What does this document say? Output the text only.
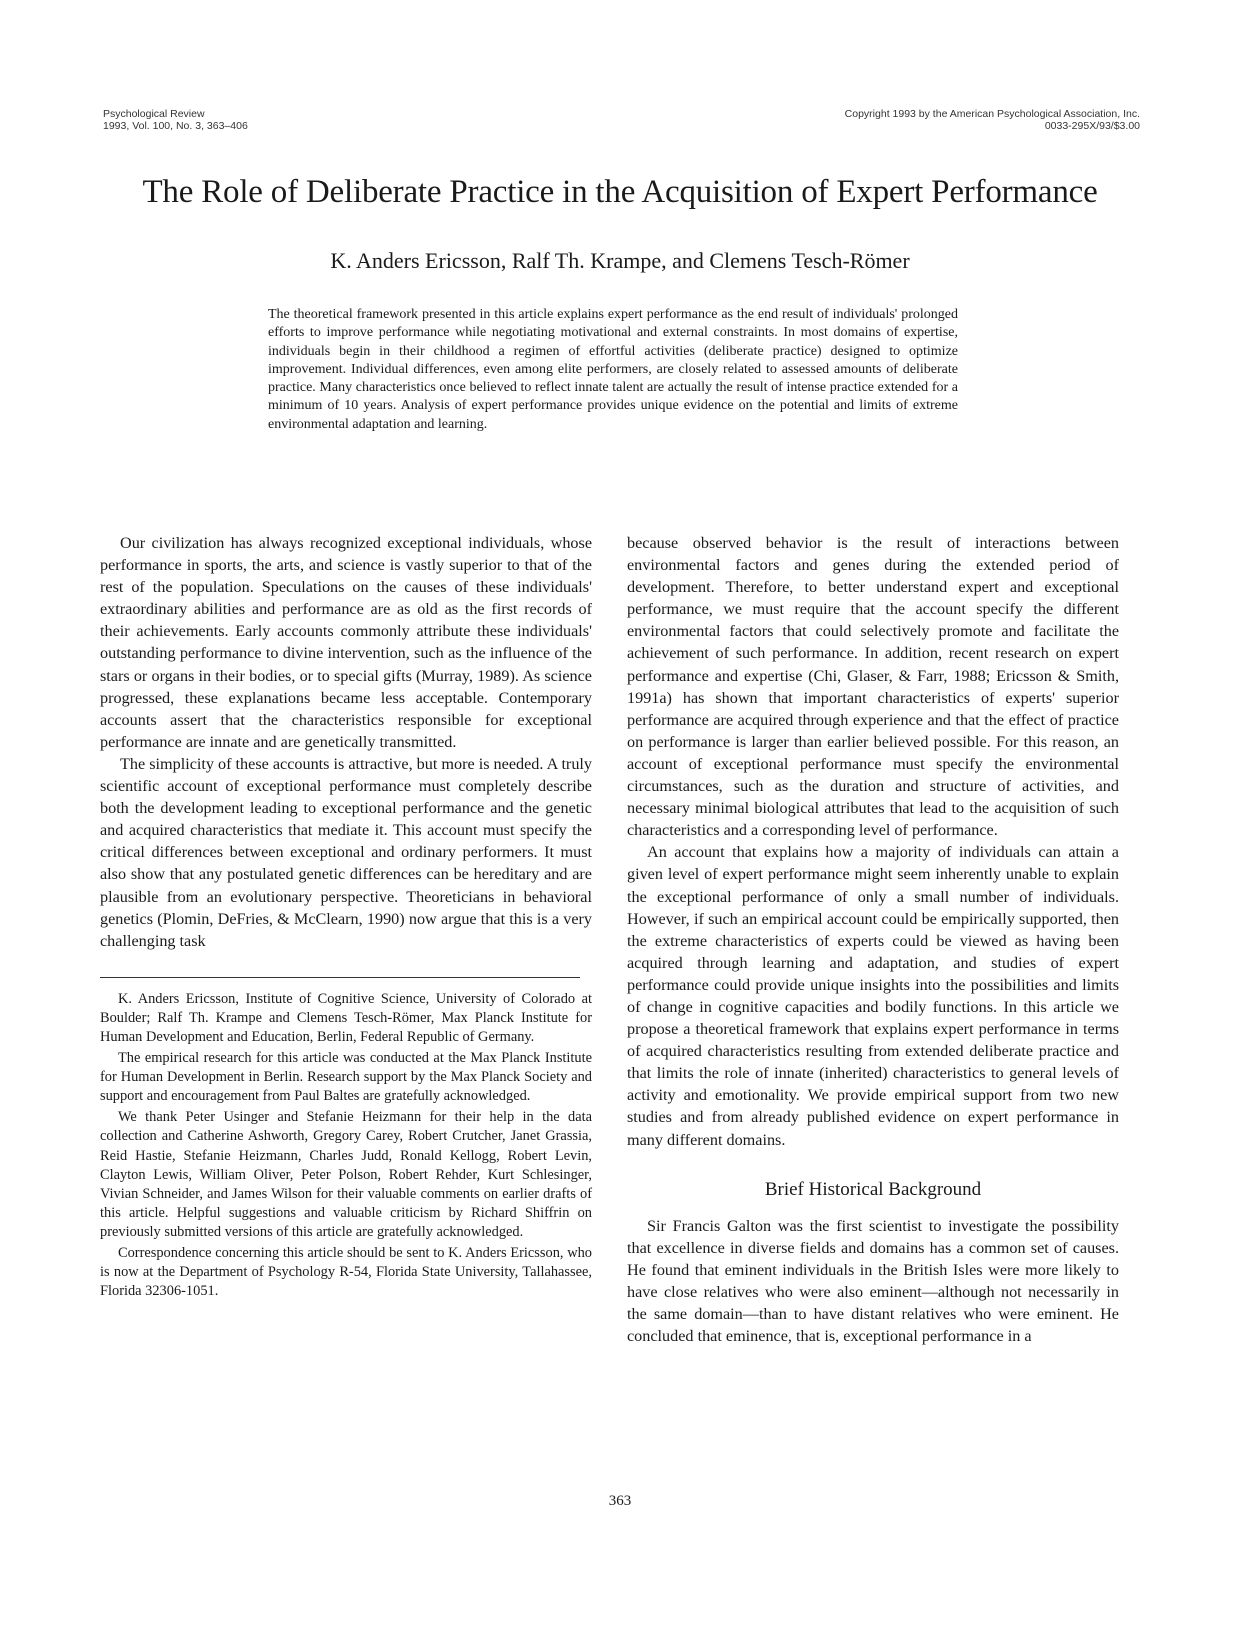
Psychological Review
1993, Vol. 100, No. 3, 363–406
Copyright 1993 by the American Psychological Association, Inc.
0033-295X/93/$3.00
The Role of Deliberate Practice in the Acquisition of Expert Performance
K. Anders Ericsson, Ralf Th. Krampe, and Clemens Tesch-Römer

The theoretical framework presented in this article explains expert performance as the end result of individuals' prolonged efforts to improve performance while negotiating motivational and external constraints. In most domains of expertise, individuals begin in their childhood a regimen of effortful activities (deliberate practice) designed to optimize improvement. Individual differences, even among elite performers, are closely related to assessed amounts of deliberate practice. Many characteristics once believed to reflect innate talent are actually the result of intense practice extended for a minimum of 10 years. Analysis of expert performance provides unique evidence on the potential and limits of extreme environmental adaptation and learning.

Our civilization has always recognized exceptional individuals, whose performance in sports, the arts, and science is vastly superior to that of the rest of the population. Speculations on the causes of these individuals' extraordinary abilities and performance are as old as the first records of their achievements. Early accounts commonly attribute these individuals' outstanding performance to divine intervention, such as the influence of the stars or organs in their bodies, or to special gifts (Murray, 1989). As science progressed, these explanations became less acceptable. Contemporary accounts assert that the characteristics responsible for exceptional performance are innate and are genetically transmitted.

The simplicity of these accounts is attractive, but more is needed. A truly scientific account of exceptional performance must completely describe both the development leading to exceptional performance and the genetic and acquired characteristics that mediate it. This account must specify the critical differences between exceptional and ordinary performers. It must also show that any postulated genetic differences can be hereditary and are plausible from an evolutionary perspective. Theoreticians in behavioral genetics (Plomin, DeFries, & McClearn, 1990) now argue that this is a very challenging task

K. Anders Ericsson, Institute of Cognitive Science, University of Colorado at Boulder; Ralf Th. Krampe and Clemens Tesch-Römer, Max Planck Institute for Human Development and Education, Berlin, Federal Republic of Germany.

The empirical research for this article was conducted at the Max Planck Institute for Human Development in Berlin. Research support by the Max Planck Society and support and encouragement from Paul Baltes are gratefully acknowledged.

We thank Peter Usinger and Stefanie Heizmann for their help in the data collection and Catherine Ashworth, Gregory Carey, Robert Crutcher, Janet Grassia, Reid Hastie, Stefanie Heizmann, Charles Judd, Ronald Kellogg, Robert Levin, Clayton Lewis, William Oliver, Peter Polson, Robert Rehder, Kurt Schlesinger, Vivian Schneider, and James Wilson for their valuable comments on earlier drafts of this article. Helpful suggestions and valuable criticism by Richard Shiffrin on previously submitted versions of this article are gratefully acknowledged.

Correspondence concerning this article should be sent to K. Anders Ericsson, who is now at the Department of Psychology R-54, Florida State University, Tallahassee, Florida 32306-1051.

because observed behavior is the result of interactions between environmental factors and genes during the extended period of development. Therefore, to better understand expert and exceptional performance, we must require that the account specify the different environmental factors that could selectively promote and facilitate the achievement of such performance. In addition, recent research on expert performance and expertise (Chi, Glaser, & Farr, 1988; Ericsson & Smith, 1991a) has shown that important characteristics of experts' superior performance are acquired through experience and that the effect of practice on performance is larger than earlier believed possible. For this reason, an account of exceptional performance must specify the environmental circumstances, such as the duration and structure of activities, and necessary minimal biological attributes that lead to the acquisition of such characteristics and a corresponding level of performance.

An account that explains how a majority of individuals can attain a given level of expert performance might seem inherently unable to explain the exceptional performance of only a small number of individuals. However, if such an empirical account could be empirically supported, then the extreme characteristics of experts could be viewed as having been acquired through learning and adaptation, and studies of expert performance could provide unique insights into the possibilities and limits of change in cognitive capacities and bodily functions. In this article we propose a theoretical framework that explains expert performance in terms of acquired characteristics resulting from extended deliberate practice and that limits the role of innate (inherited) characteristics to general levels of activity and emotionality. We provide empirical support from two new studies and from already published evidence on expert performance in many different domains.

Brief Historical Background

Sir Francis Galton was the first scientist to investigate the possibility that excellence in diverse fields and domains has a common set of causes. He found that eminent individuals in the British Isles were more likely to have close relatives who were also eminent—although not necessarily in the same domain—than to have distant relatives who were eminent. He concluded that eminence, that is, exceptional performance in a

363
